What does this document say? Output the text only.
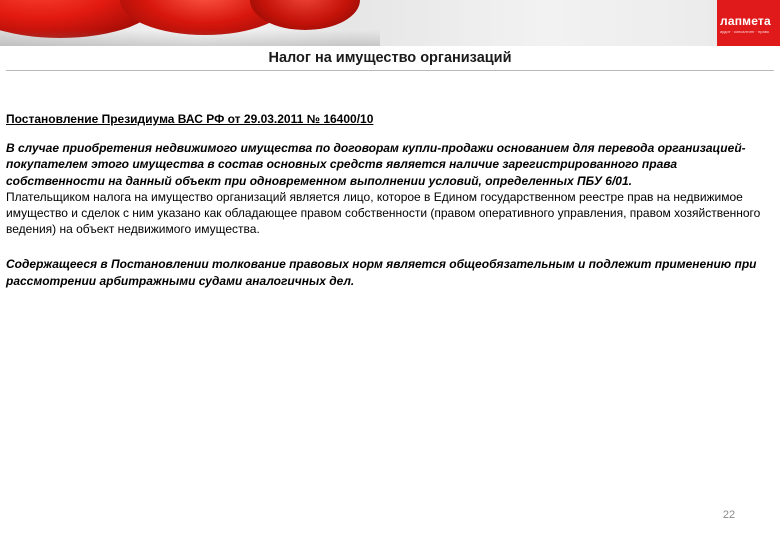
лапмета
аудит · консалтинг · право
Налог на имущество организаций

Постановление Президиума ВАС РФ от 29.03.2011 № 16400/10

В случае приобретения недвижимого имущества по договорам купли-продажи основанием для перевода организацией-покупателем этого имущества в состав основных средств является наличие зарегистрированного права собственности на данный объект при одновременном выполнении условий, определенных ПБУ 6/01.

Плательщиком налога на имущество организаций является лицо, которое в Едином государственном реестре прав на недвижимое имущество и сделок с ним указано как обладающее правом собственности (правом оперативного управления, правом хозяйственного ведения) на объект недвижимого имущества.

Содержащееся в Постановлении толкование правовых норм является общеобязательным и подлежит применению при рассмотрении арбитражными судами аналогичных дел.

22
